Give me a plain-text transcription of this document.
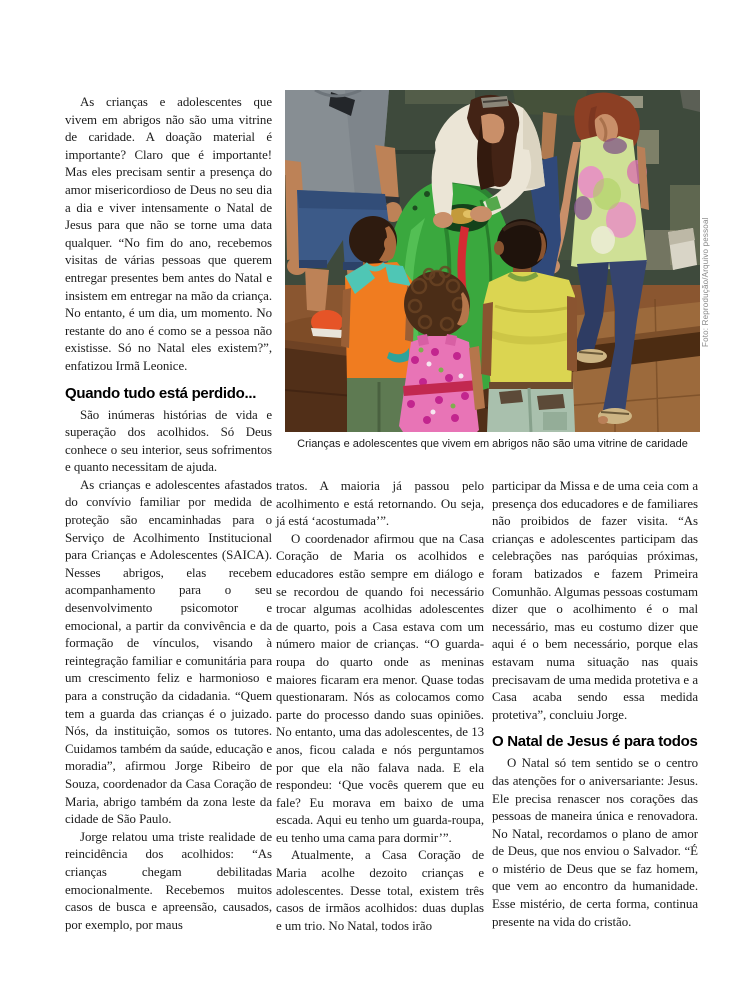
Crianças e adolescentes que vivem em abrigos não são uma vitrine de caridade
Foto: Reprodução/Arquivo pessoal

As crianças e adolescentes que vivem em abrigos não são uma vitrine de caridade. A doação material é importante? Claro que é importante! Mas eles precisam sentir a presença do amor misericordioso de Deus no seu dia a dia e viver intensamente o Natal de Jesus para que não se torne uma data qualquer. “No fim do ano, recebemos visitas de várias pessoas que querem entregar presentes bem antes do Natal e insistem em entregar na mão da criança. No entanto, é um dia, um momento. No restante do ano é como se a pessoa não existisse. Só no Natal eles existem?”, enfatizou Irmã Leonice.

Quando tudo está perdido...

São inúmeras histórias de vida e superação dos acolhidos. Só Deus conhece o seu interior, seus sofrimentos e quanto necessitam de ajuda.

As crianças e adolescentes afastados do convívio familiar por medida de proteção são encaminhadas para o Serviço de Acolhimento Institucional para Crianças e Adolescentes (SAICA). Nesses abrigos, elas recebem acompanhamento para o seu desenvolvimento psicomotor e emocional, a partir da convivência e da formação de vínculos, visando à reintegração familiar e comunitária para um crescimento feliz e harmonioso e para a construção da cidadania. “Quem tem a guarda das crianças é o juizado. Nós, da instituição, somos os tutores. Cuidamos também da saúde, educação e moradia”, afirmou Jorge Ribeiro de Souza, coordenador da Casa Coração de Maria, abrigo também da zona leste da cidade de São Paulo.

Jorge relatou uma triste realidade de reincidência dos acolhidos: “As crianças chegam debilitadas emocionalmente. Recebemos muitos casos de busca e apreensão, causados, por exemplo, por maus

tratos. A maioria já passou pelo acolhimento e está retornando. Ou seja, já está ‘acostumada’”.

O coordenador afirmou que na Casa Coração de Maria os acolhidos e educadores estão sempre em diálogo e se recordou de quando foi necessário trocar algumas acolhidas adolescentes de quarto, pois a Casa estava com um número maior de crianças. “O guarda-roupa do quarto onde as meninas maiores ficaram era menor. Quase todas questionaram. Nós as colocamos como parte do processo dando suas opiniões. No entanto, uma das adolescentes, de 13 anos, ficou calada e nós perguntamos por que ela não falava nada. E ela respondeu: ‘Que vocês querem que eu fale? Eu morava em baixo de uma escada. Aqui eu tenho um guarda-roupa, eu tenho uma cama para dormir’”.

Atualmente, a Casa Coração de Maria acolhe dezoito crianças e adolescentes. Desse total, existem três casos de irmãos acolhidos: duas duplas e um trio. No Natal, todos irão

participar da Missa e de uma ceia com a presença dos educadores e de familiares não proibidos de fazer visita. “As crianças e adolescentes participam das celebrações nas paróquias próximas, foram batizados e fazem Primeira Comunhão. Algumas pessoas costumam dizer que o acolhimento é o mal necessário, mas eu costumo dizer que aqui é o bem necessário, porque elas estavam numa situação nas quais precisavam de uma medida protetiva e a Casa acaba sendo essa medida protetiva”, concluiu Jorge.

O Natal de Jesus é para todos

O Natal só tem sentido se o centro das atenções for o aniversariante: Jesus. Ele precisa renascer nos corações das pessoas de maneira única e renovadora. No Natal, recordamos o plano de amor de Deus, que nos enviou o Salvador. “É o mistério de Deus que se faz homem, que vem ao encontro da humanidade. Esse mistério, de certa forma, continua presente na vida do cristão.
